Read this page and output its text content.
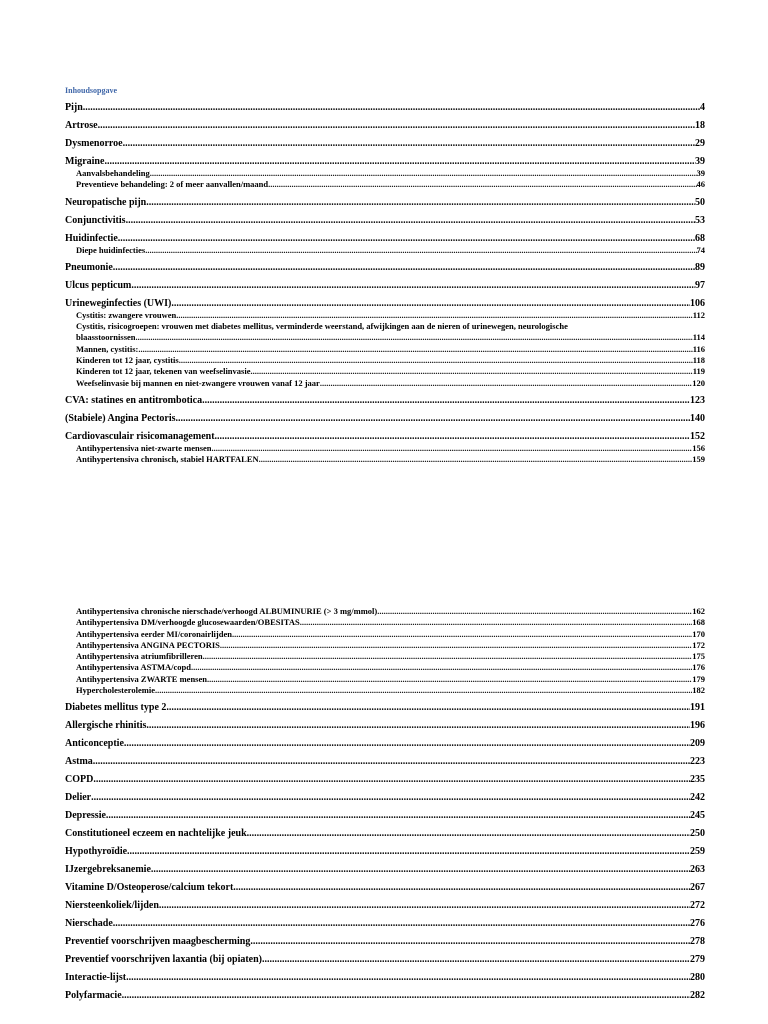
Inhoudsopgave
Pijn .....	4
Artrose .....	18
Dysmenorroe .....	29
Migraine .....	39
Aanvalsbehandeling .....	39
Preventieve behandeling: 2 of meer aanvallen/maand .....	46
Neuropatische pijn .....	50
Conjunctivitis .....	53
Huidinfectie .....	68
Diepe huidinfecties .....	74
Pneumonie .....	89
Ulcus pepticum .....	97
Urineweginfecties (UWI) .....	106
Cystitis: zwangere vrouwen .....	112
Cystitis, risicogroepen: vrouwen met diabetes mellitus, verminderde weerstand, afwijkingen aan de nieren of urinewegen, neurologische
blaasstoornissen .....	114
Mannen, cystitis: .....	116
Kinderen tot 12 jaar, cystitis .....	118
Kinderen tot 12 jaar, tekenen van weefselinvasie .....	119
Weefselinvasie bij mannen en niet-zwangere vrouwen vanaf 12 jaar .....	120
CVA: statines en antitrombotica .....	123
(Stabiele) Angina Pectoris .....	140
Cardiovasculair risicomanagement .....	152
Antihypertensiva niet-zwarte mensen .....	156
Antihypertensiva chronisch, stabiel HARTFALEN .....	159
Antihypertensiva chronische nierschade/verhoogd ALBUMINURIE (> 3 mg/mmol) .....	162
Antihypertensiva DM/verhoogde glucosewaarden/OBESITAS .....	168
Antihypertensiva eerder MI/coronairlijden .....	170
Antihypertensiva ANGINA PECTORIS .....	172
Antihypertensiva atriumfibrilleren .....	175
Antihypertensiva ASTMA/copd .....	176
Antihypertensiva ZWARTE mensen .....	179
Hypercholesterolemie .....	182
Diabetes mellitus type 2 .....	191
Allergische rhinitis .....	196
Anticonceptie .....	209
Astma .....	223
COPD .....	235
Delier .....	242
Depressie .....	245
Constitutioneel eczeem en nachtelijke jeuk .....	250
Hypothyroïdie .....	259
IJzergebreksanemie .....	263
Vitamine D/Osteoperose/calcium tekort .....	267
Niersteenkoliek/lijden .....	272
Nierschade .....	276
Preventief voorschrijven maagbescherming .....	278
Preventief voorschrijven laxantia (bij opiaten) .....	279
Interactie-lijst .....	280
Polyfarmacie .....	282
